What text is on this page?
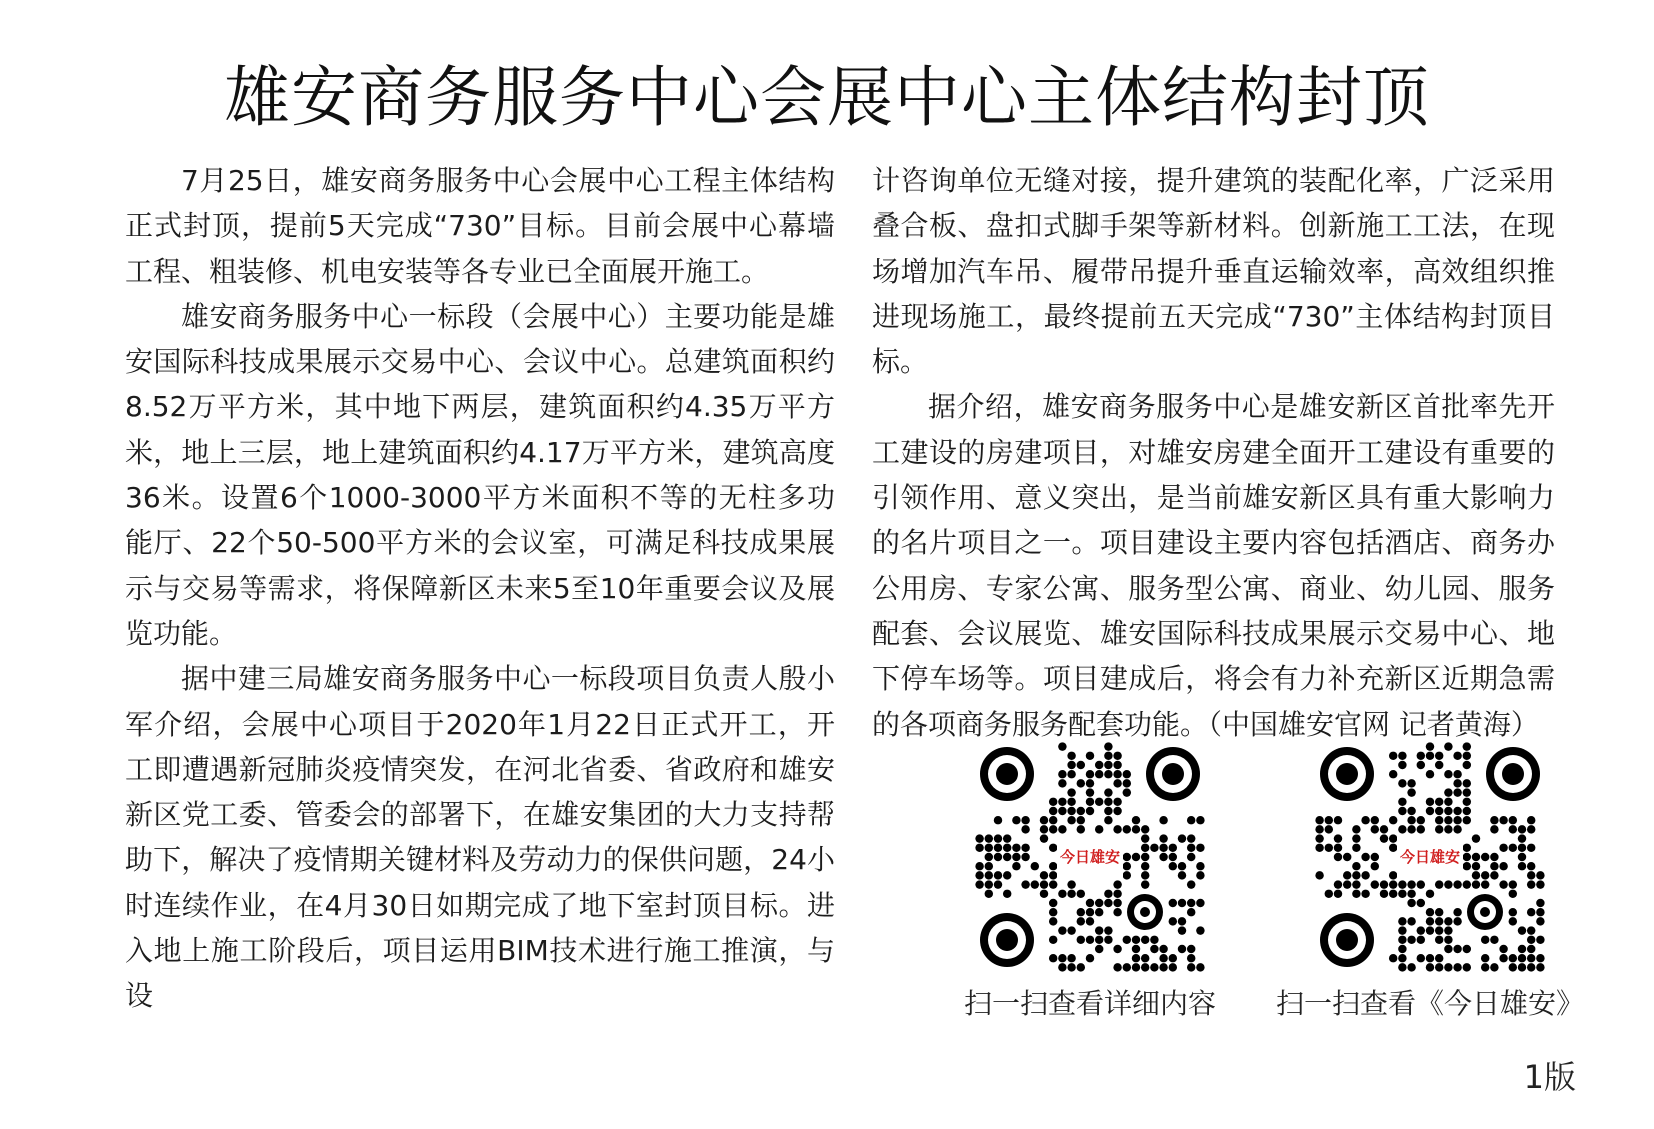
雄安商务服务中心会展中心主体结构封顶

7月25日，雄安商务服务中心会展中心工程主体结构正式封顶，提前5天完成“730”目标。目前会展中心幕墙工程、粗装修、机电安装等各专业已全面展开施工。

雄安商务服务中心一标段（会展中心）主要功能是雄安国际科技成果展示交易中心、会议中心。总建筑面积约8.52万平方米，其中地下两层，建筑面积约4.35万平方米，地上三层，地上建筑面积约4.17万平方米，建筑高度36米。设置6个1000-3000平方米面积不等的无柱多功能厅、22个50-500平方米的会议室，可满足科技成果展示与交易等需求，将保障新区未来5至10年重要会议及展览功能。

据中建三局雄安商务服务中心一标段项目负责人殷小军介绍，会展中心项目于2020年1月22日正式开工，开工即遭遇新冠肺炎疫情突发，在河北省委、省政府和雄安新区党工委、管委会的部署下，在雄安集团的大力支持帮助下，解决了疫情期关键材料及劳动力的保供问题，24小时连续作业，在4月30日如期完成了地下室封顶目标。进入地上施工阶段后，项目运用BIM技术进行施工推演，与设

计咨询单位无缝对接，提升建筑的装配化率，广泛采用叠合板、盘扣式脚手架等新材料。创新施工工法，在现场增加汽车吊、履带吊提升垂直运输效率，高效组织推进现场施工，最终提前五天完成“730”主体结构封顶目标。

据介绍，雄安商务服务中心是雄安新区首批率先开工建设的房建项目，对雄安房建全面开工建设有重要的引领作用、意义突出，是当前雄安新区具有重大影响力的名片项目之一。项目建设主要内容包括酒店、商务办公用房、专家公寓、服务型公寓、商业、幼儿园、服务配套、会议展览、雄安国际科技成果展示交易中心、地下停车场等。项目建成后，将会有力补充新区近期急需的各项商务服务配套功能。（中国雄安官网 记者黄海）

今日雄安
扫一扫查看详细内容
今日雄安
扫一扫查看《今日雄安》
1版
